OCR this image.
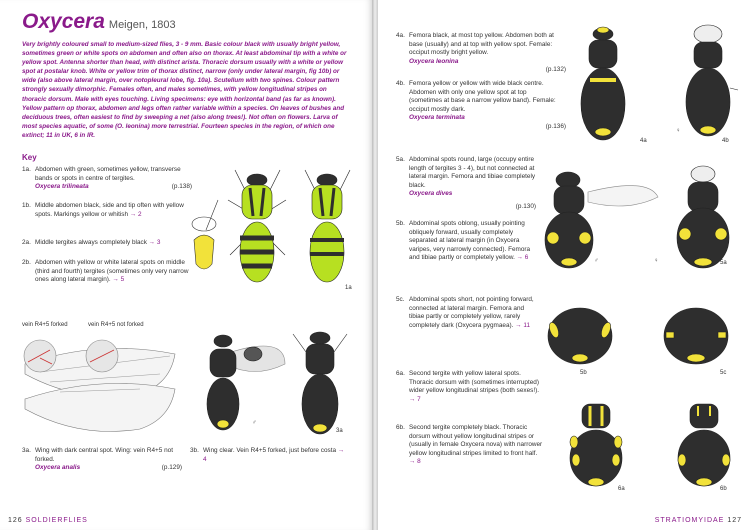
Oxycera Meigen, 1803

Very brightly coloured small to medium-sized flies, 3 - 9 mm. Basic colour black with usually bright yellow, sometimes green or white spots on abdomen and often also on thorax. At least abdominal tip with a white or yellow spot. Antenna shorter than head, with distinct arista. Thoracic dorsum usually with a white or yellow spot at postalar knob. White or yellow trim of thorax distinct, narrow (only under lateral margin, fig 10b) or wide (also above lateral margin, over notopleural lobe, fig. 10a). Scutellum with two spines. Colour pattern strongly sexually dimorphic. Females often, and males sometimes, with yellow longitudinal stripes on thoracic dorsum. Male with eyes touching. Living specimens: eye with horizontal band (as far as known). Yellow pattern op thorax, abdomen and legs often rather variable within a species. On leaves of bushes and deciduous trees, often easiest to find by sweeping a net (also along trees!). Not often on flowers. Larva of most species aquatic, of some (O. leonina) more terrestrial. Fourteen species in the region, of which one extinct; 11 in UK, 6 in IR.

Key
1a. Abdomen with green, sometimes yellow, transverse bands or spots in centre of tergites.
Oxycera trilineata	(p.138)
1b. Middle abdomen black, side and tip often with yellow spots. Markings yellow or whitish → 2
2a. Middle tergites always completely black → 3
2b. Abdomen with yellow or white lateral spots on middle (third and fourth) tergites (sometimes only very narrow ones along lateral margin). → 5
3a. Wing with dark central spot. Wing: vein R4+5 not forked.
Oxycera analis	(p.129)
3b. Wing clear. Vein R4+5 forked, just before costa → 4
1a
vein R4+5 forked	vein R4+5 not forked
♂
3a
126 SOLDIERFLIES
4a. Femora black, at most top yellow. Abdomen both at base (usually) and at top with yellow spot. Female: occiput mostly bright yellow.
Oxycera leonina
(p.132)
4b. Femora yellow or yellow with wide black centre. Abdomen with only one yellow spot at top (sometimes at base a narrow yellow band). Female: occiput mostly dark.
Oxycera terminata
(p.136)
5a. Abdominal spots round, large (occupy entire length of tergites 3 - 4), but not connected at lateral margin. Femora and tibiae completely black.
Oxycera dives
(p.130)
5b. Abdominal spots oblong, usually pointing obliquely forward, usually completely separated at lateral margin (in Oxycera varipes, very narrowly connected). Femora and tibiae partly or completely yellow. → 6
5c. Abdominal spots short, not pointing forward, connected at lateral margin. Femora and tibiae partly or completely yellow, rarely completely dark (Oxycera pygmaea). → 11
6a. Second tergite with yellow lateral spots. Thoracic dorsum with (sometimes interrupted) wider yellow longitudinal stripes (both sexes!). → 7
6b. Second tergite completely black. Thoracic dorsum without yellow longitudinal stripes or (usually in female Oxycera nova) with narrower yellow longitudinal stripes limited to front half. → 8
♀
4a
♀
4b
♂	♀	5a
5b	5c
6a	6b
STRATIOMYIDAE 127
